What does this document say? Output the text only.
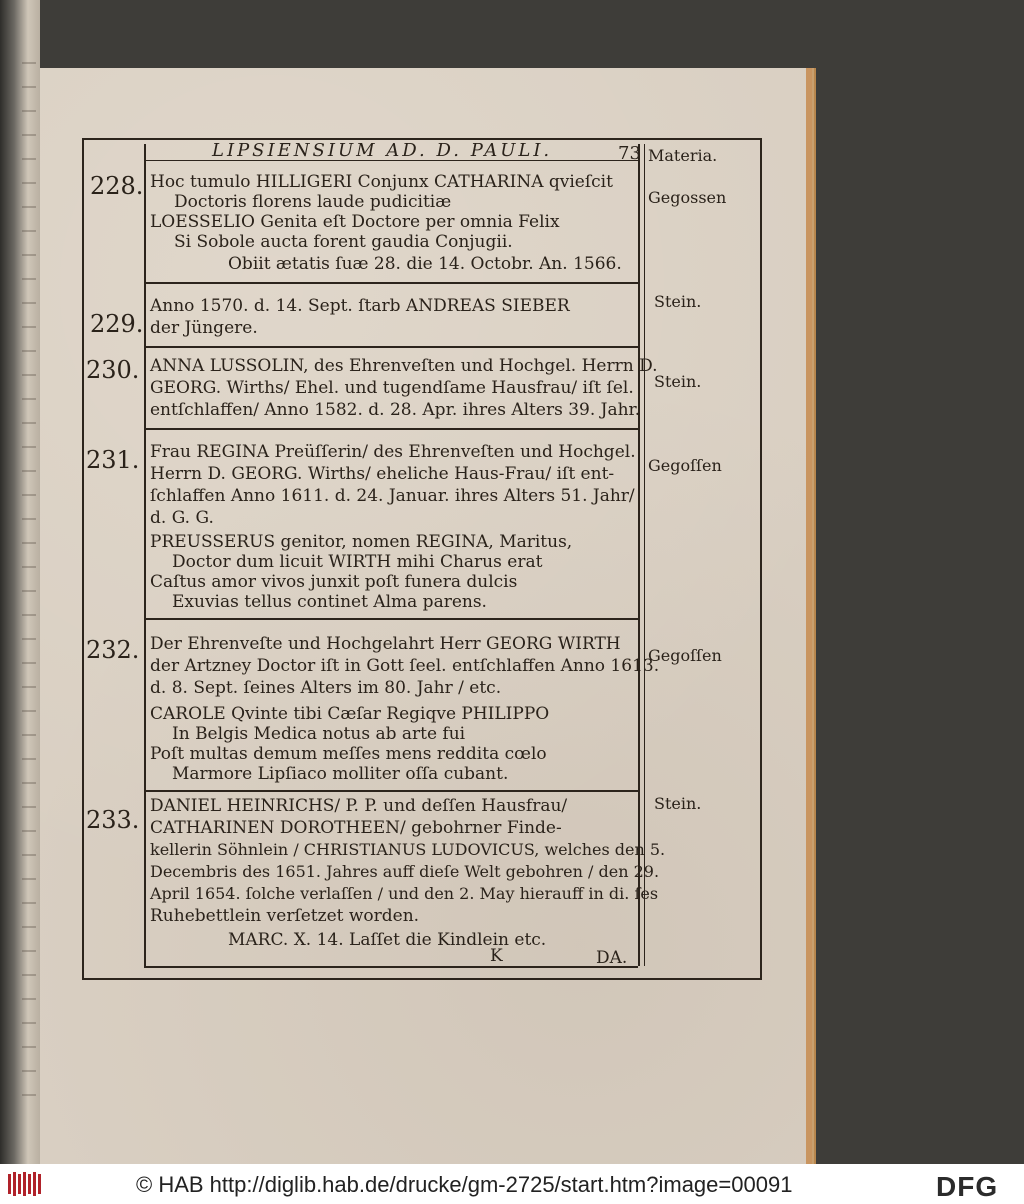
LIPSIENSIUM AD. D. PAULI.	73 Materia.
228.	Gegossen
Hoc tumulo HILLIGERI Conjunx CATHARINA qvieſcit
Doctoris florens laude pudicitiæ
LOESSELIO Genita eſt Doctore per omnia Felix
Si Sobole aucta forent gaudia Conjugii.
Obiit ætatis ſuæ 28. die 14. Octobr. An. 1566.
229.
Stein.
Anno 1570. d. 14. Sept. ſtarb ANDREAS SIEBER
der Jüngere.
230.	Stein.
ANNA LUSSOLIN, des Ehrenveſten und Hochgel. Herrn D.
GEORG. Wirths/ Ehel. und tugendſame Hausfrau/ iſt ſel.
entſchlaffen/ Anno 1582. d. 28. Apr. ihres Alters 39. Jahr.
231.	Gegoſſen
Frau REGINA Preüſſerin/ des Ehrenveſten und Hochgel.
Herrn D. GEORG. Wirths/ eheliche Haus-Frau/ iſt ent-
ſchlaffen Anno 1611. d. 24. Januar. ihres Alters 51. Jahr/
d. G. G.
PREUSSERUS genitor, nomen REGINA, Maritus,
Doctor dum licuit WIRTH mihi Charus erat
Caſtus amor vivos junxit poſt funera dulcis
Exuvias tellus continet Alma parens.
232.	Gegoſſen
Der Ehrenveſte und Hochgelahrt Herr GEORG WIRTH
der Artzney Doctor iſt in Gott ſeel. entſchlaffen Anno 1613.
d. 8. Sept. ſeines Alters im 80. Jahr / etc.
CAROLE Qvinte tibi Cæſar Regiqve PHILIPPO
In Belgis Medica notus ab arte fui
Poſt multas demum meſſes mens reddita cœlo
Marmore Lipſiaco molliter oſſa cubant.
233.
Stein.
DANIEL HEINRICHS/ P. P. und deſſen Hausfrau/
CATHARINEN DOROTHEEN/ gebohrner Finde-
kellerin Söhnlein / CHRISTIANUS LUDOVICUS, welches den 5.
Decembris des 1651. Jahres auff dieſe Welt gebohren / den 29.
April 1654. ſolche verlaſſen / und den 2. May hierauff in di. ſes
Ruhebettlein verſetzet worden.
MARC. X. 14. Laſſet die Kindlein etc.
K	DA.
© HAB http://diglib.hab.de/drucke/gm-2725/start.htm?image=00091	DFG
